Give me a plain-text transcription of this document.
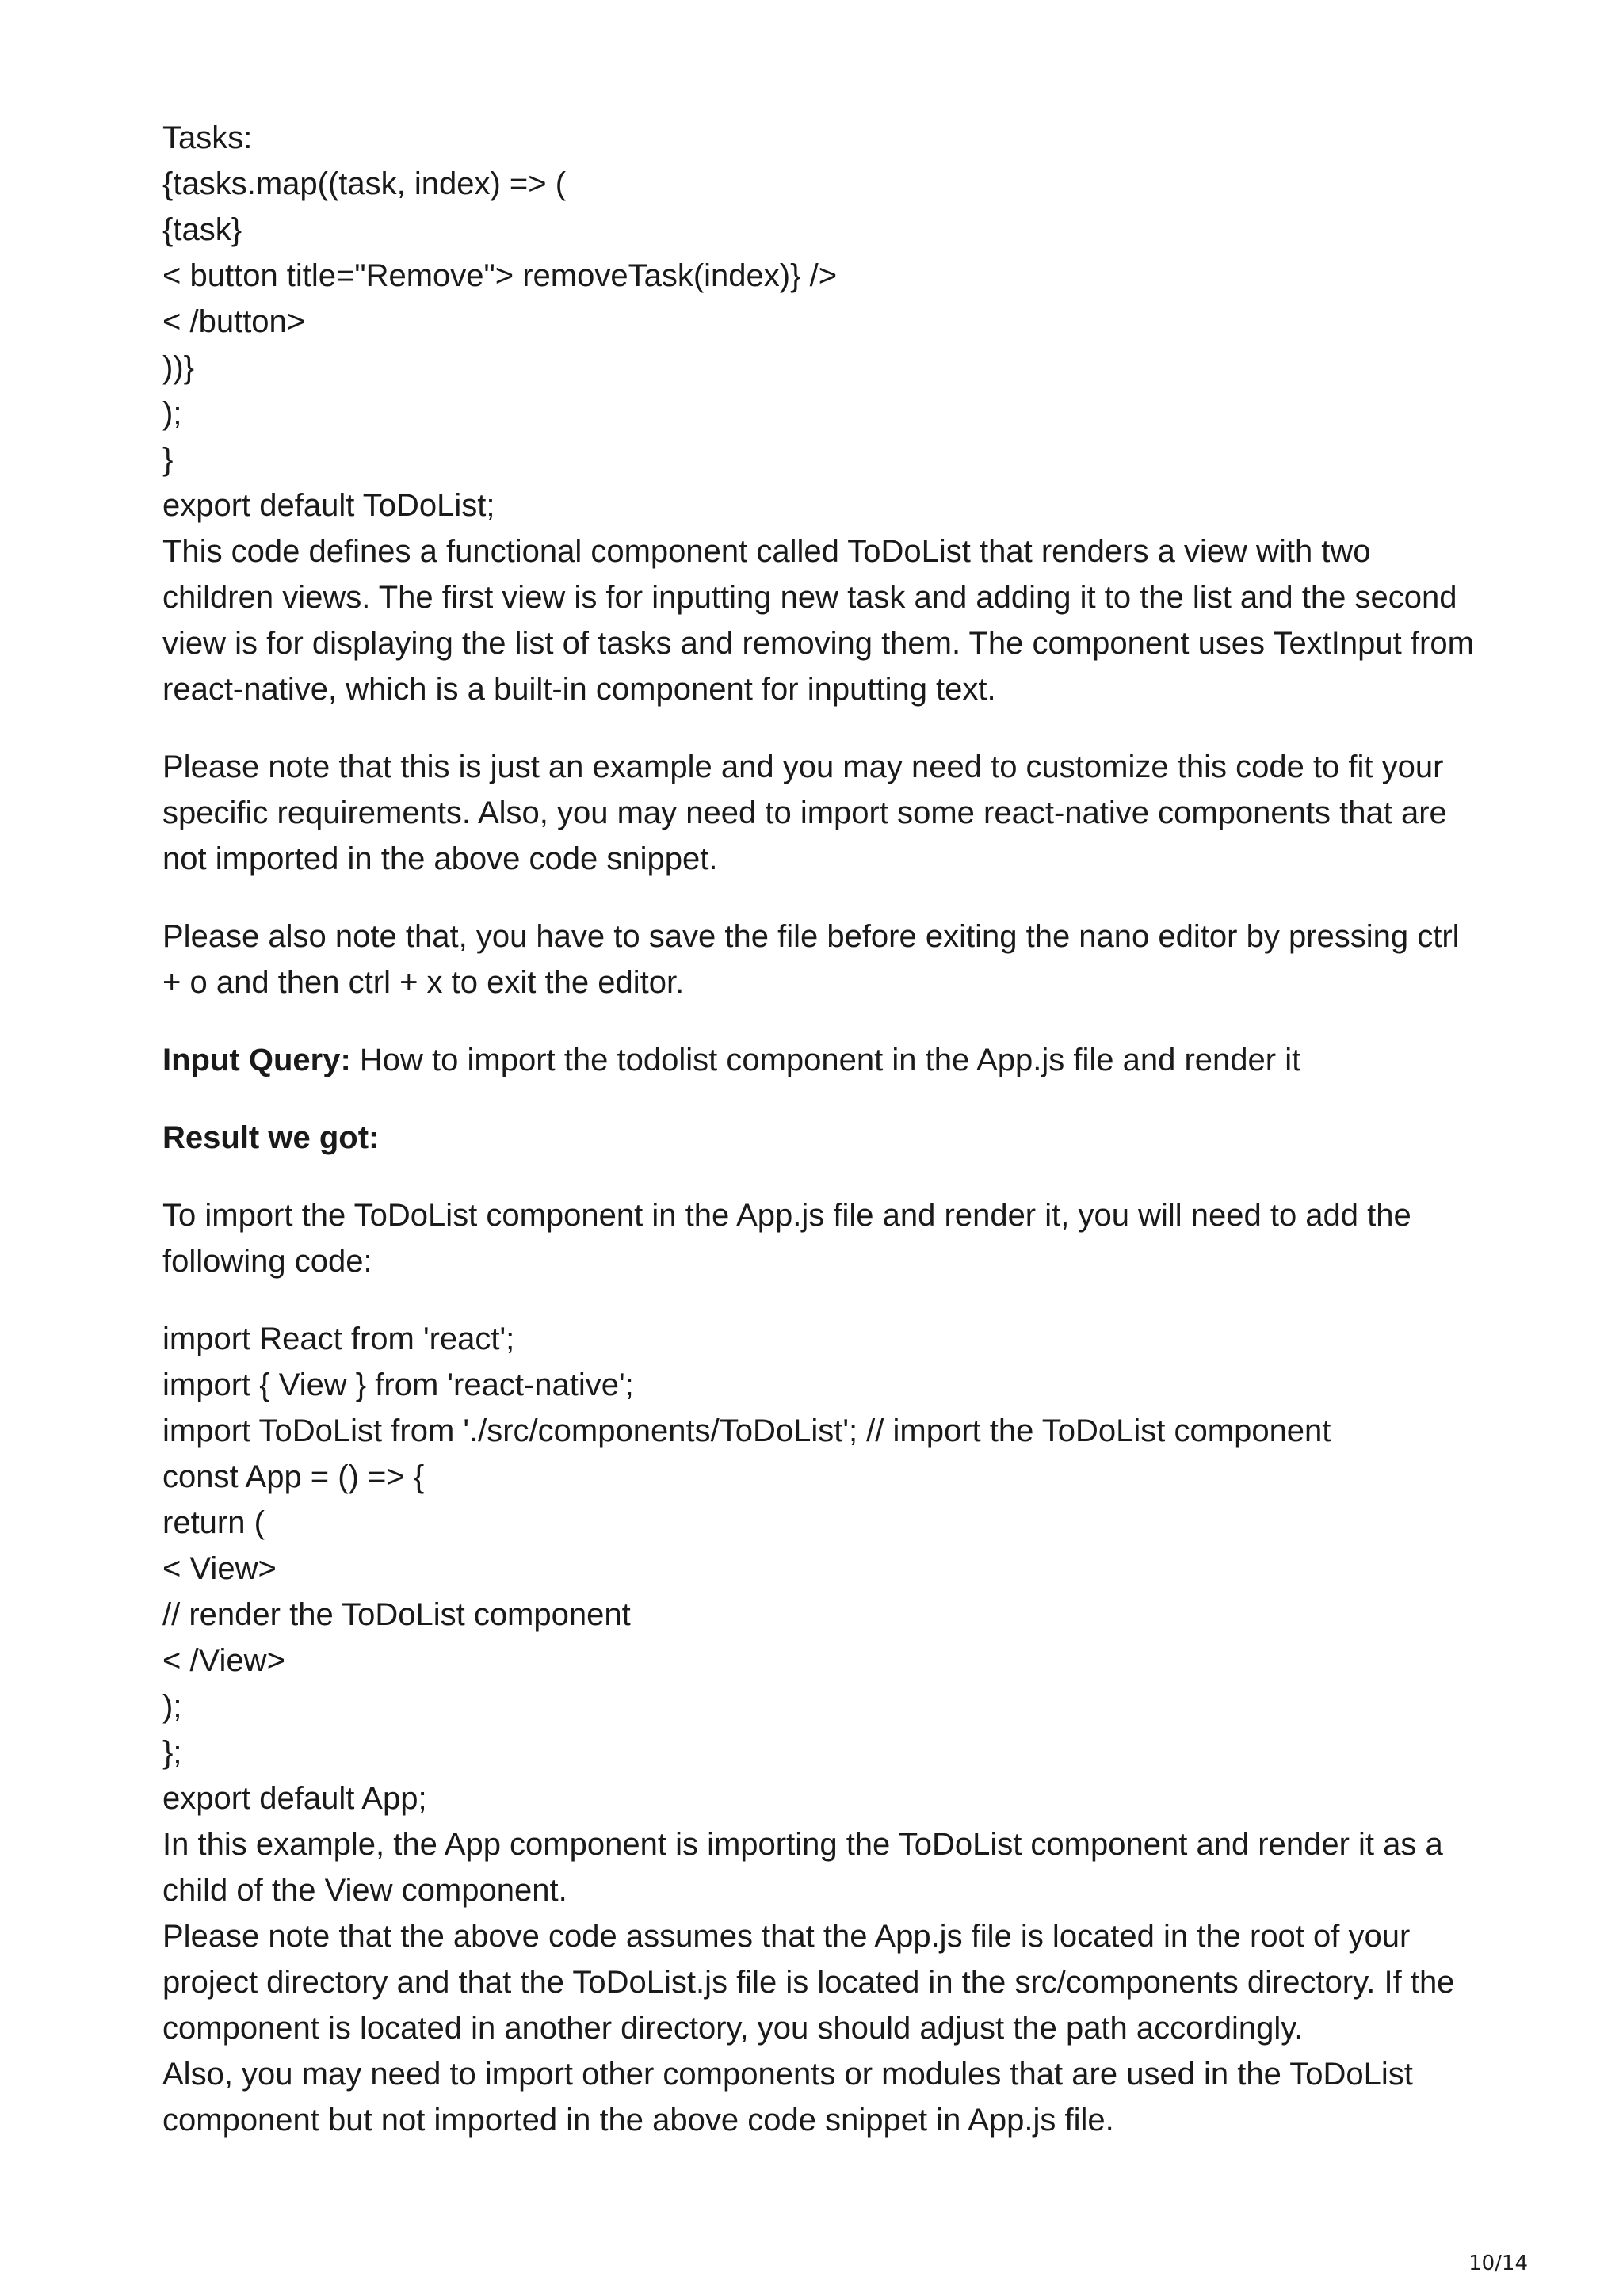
Tasks:
{tasks.map((task, index) => (
{task}
< button title="Remove"> removeTask(index)} />
< /button>
))}
);
}
export default ToDoList;

This code defines a functional component called ToDoList that renders a view with two children views. The first view is for inputting new task and adding it to the list and the second view is for displaying the list of tasks and removing them. The component uses TextInput from react-native, which is a built-in component for inputting text.

Please note that this is just an example and you may need to customize this code to fit your specific requirements. Also, you may need to import some react-native components that are not imported in the above code snippet.

Please also note that, you have to save the file before exiting the nano editor by pressing ctrl + o and then ctrl + x to exit the editor.

Input Query: How to import the todolist component in the App.js file and render it

Result we got:

To import the ToDoList component in the App.js file and render it, you will need to add the following code:

import React from 'react';
import { View } from 'react-native';
import ToDoList from './src/components/ToDoList'; // import the ToDoList component
const App = () => {
return (
< View>
// render the ToDoList component
< /View>
);
};
export default App;

In this example, the App component is importing the ToDoList component and render it as a child of the View component.

Please note that the above code assumes that the App.js file is located in the root of your project directory and that the ToDoList.js file is located in the src/components directory. If the component is located in another directory, you should adjust the path accordingly.

Also, you may need to import other components or modules that are used in the ToDoList component but not imported in the above code snippet in App.js file.

10/14
